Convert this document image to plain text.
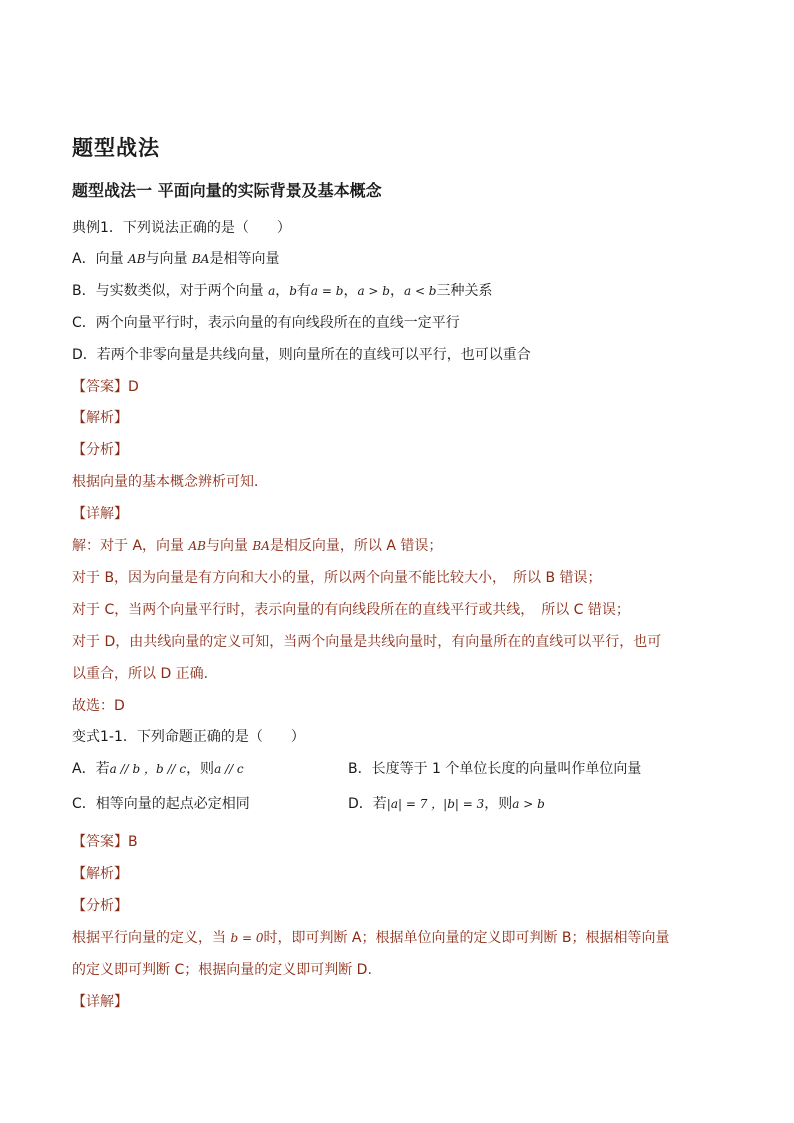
题型战法
题型战法一 平面向量的实际背景及基本概念
典例1．下列说法正确的是（　　）
A．向量 AB与向量 BA是相等向量
B．与实数类似，对于两个向量 a，b有a = b，a > b，a < b三种关系
C．两个向量平行时，表示向量的有向线段所在的直线一定平行
D．若两个非零向量是共线向量，则向量所在的直线可以平行，也可以重合
【答案】D
【解析】
【分析】
根据向量的基本概念辨析可知．
【详解】
解：对于 A，向量 AB与向量 BA是相反向量，所以 A 错误；
对于 B，因为向量是有方向和大小的量，所以两个向量不能比较大小，　所以 B 错误；
对于 C，当两个向量平行时，表示向量的有向线段所在的直线平行或共线，　所以 C 错误；
对于 D，由共线向量的定义可知，当两个向量是共线向量时，有向量所在的直线可以平行，也可
以重合，所以 D 正确.
故选：D
变式1-1．下列命题正确的是（　　）
A．若a // b ，b // c，则a // c	B．长度等于 1 个单位长度的向量叫作单位向量
C．相等向量的起点必定相同	D．若|a| = 7 ，|b| = 3，则a > b
【答案】B
【解析】
【分析】
根据平行向量的定义，当 b = 0时，即可判断 A；根据单位向量的定义即可判断 B；根据相等向量
的定义即可判断 C；根据向量的定义即可判断 D.
【详解】
